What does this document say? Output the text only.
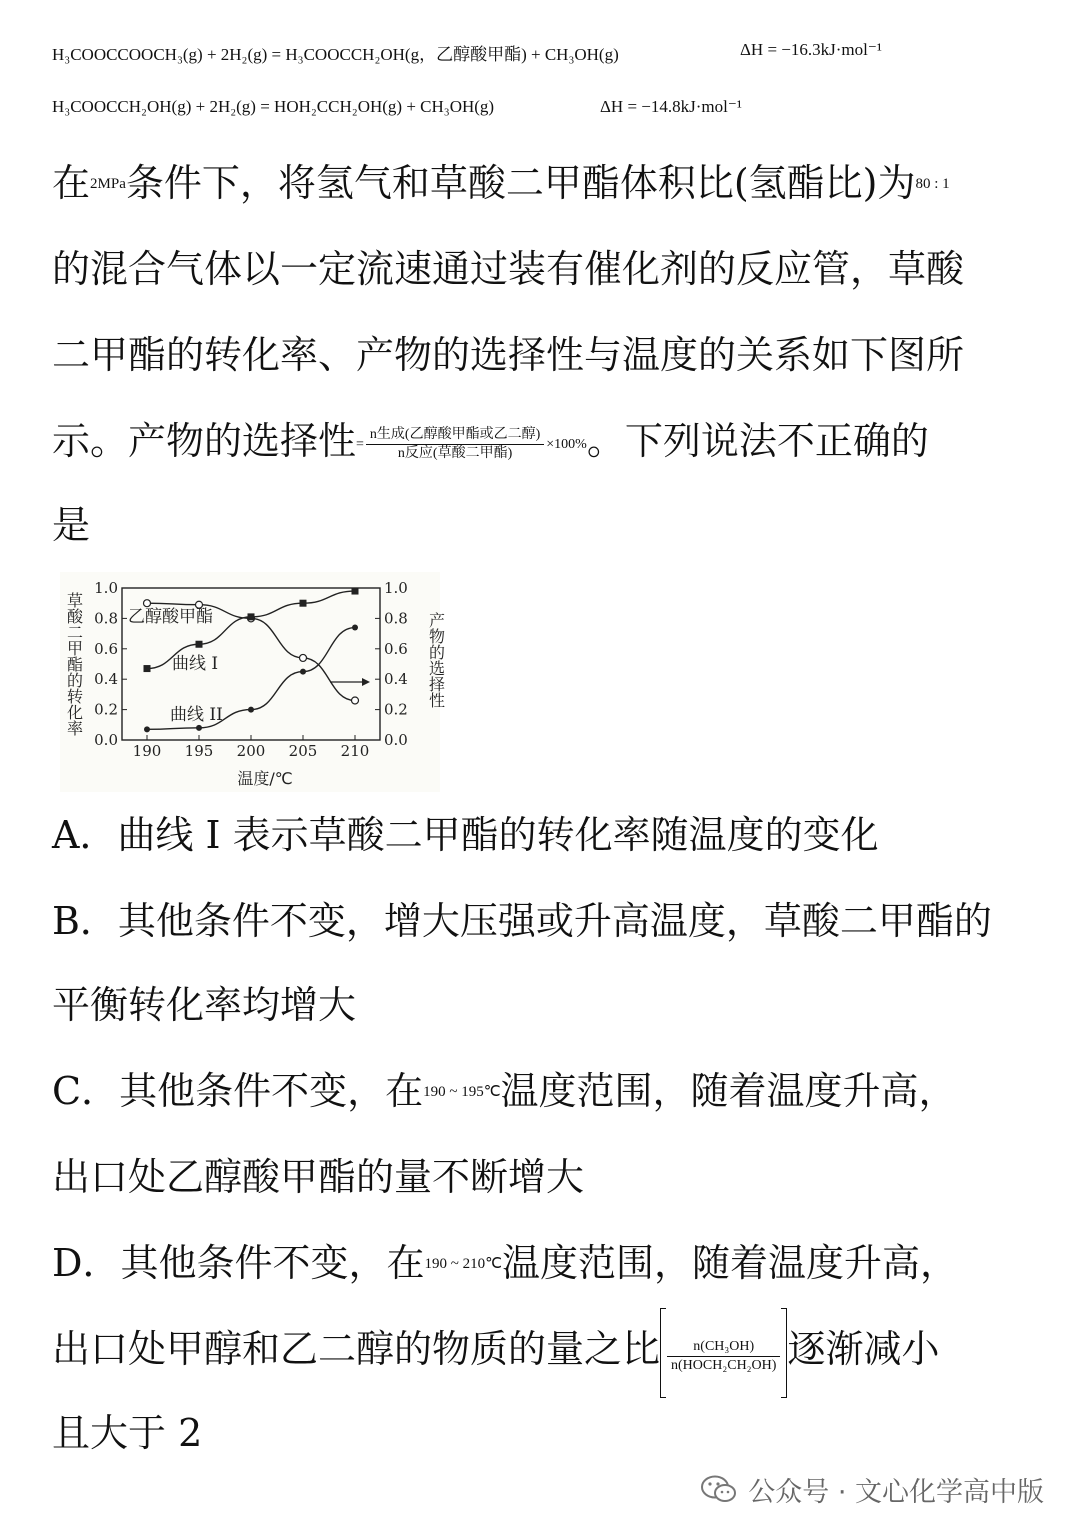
H₃COOCCOOCH₃(g) + 2H₂(g) = H₃COOCCH₂OH(g，乙醇酸甲酯) + CH₃OH(g)	ΔH = −16.3kJ·mol⁻¹
H₃COOCCH₂OH(g) + 2H₂(g) = HOH₂CCH₂OH(g) + CH₃OH(g)	ΔH = −14.8kJ·mol⁻¹
在$^{2MPa}$条件下，将氢气和草酸二甲酯体积比(氢酯比)为$^{80 : 1}$
的混合气体以一定流速通过装有催化剂的反应管，草酸
二甲酯的转化率、产物的选择性与温度的关系如下图所
示。产物的选择性= $\frac{\text{n生成(乙醇酸甲酯或乙二醇)}}{\text{n反应(草酸二甲酯)}} \times 100\%$。下列说法不正确的
是
0.0	0.0
0.2	0.2
0.4	0.4
0.6	0.6
0.8	0.8
1.0	1.0
190 195 200 205 210
草酸二甲酯的转化率	产物的选择性
温度/℃
乙醇酸甲酯
曲线 I
曲线 II
A．曲线 I 表示草酸二甲酯的转化率随温度的变化
B．其他条件不变，增大压强或升高温度，草酸二甲酯的
平衡转化率均增大
C．其他条件不变，在$^{190 \sim 195℃}$温度范围，随着温度升高，
出口处乙醇酸甲酯的量不断增大
D．其他条件不变，在$^{190 \sim 210℃}$温度范围，随着温度升高，
出口处甲醇和乙二醇的物质的量之比 $\frac{\text{n(CH₃OH)}}{\text{n(HOCH₂CH₂OH)}}$ 逐渐减小
且大于 2
公众号 · 文心化学高中版
